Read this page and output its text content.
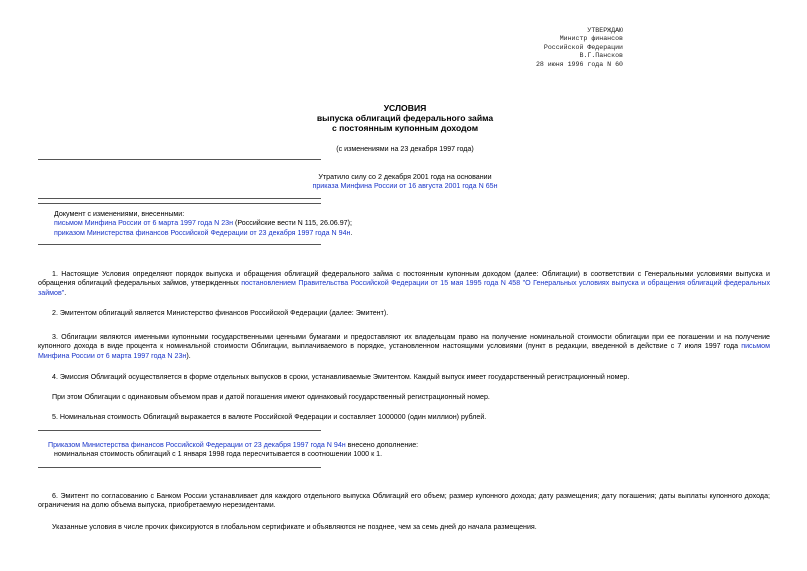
УТВЕРЖДАЮ
Министр финансов
Российской Федерации
В.Г.Пансков
28 июня 1996 года N 60
УСЛОВИЯ
выпуска облигаций федерального займа
с постоянным купонным доходом
(с изменениями на 23 декабря 1997 года)
Утратило силу со 2 декабря 2001 года на основании
приказа Минфина России от 16 августа 2001 года N 65н
Документ с изменениями, внесенными:
письмом Минфина России от 6 марта 1997 года N 23н (Российские вести N 115, 26.06.97);
приказом Министерства финансов Российской Федерации от 23 декабря 1997 года N 94н.
1. Настоящие Условия определяют порядок выпуска и обращения облигаций федерального займа с постоянным купонным доходом (далее: Облигации) в соответствии с Генеральными условиями выпуска и обращения облигаций федеральных займов, утвержденных постановлением Правительства Российской Федерации от 15 мая 1995 года N 458 "О Генеральных условиях выпуска и обращения облигаций федеральных займов".
2. Эмитентом облигаций является Министерство финансов Российской Федерации (далее: Эмитент).
3. Облигации являются именными купонными государственными ценными бумагами и предоставляют их владельцам право на получение номинальной стоимости облигации при ее погашении и на получение купонного дохода в виде процента к номинальной стоимости Облигации, выплачиваемого в порядке, установленном настоящими условиями (пункт в редакции, введенной в действие с 7 июля 1997 года письмом Минфина России от 6 марта 1997 года N 23н).
4. Эмиссия Облигаций осуществляется в форме отдельных выпусков в сроки, устанавливаемые Эмитентом. Каждый выпуск имеет государственный регистрационный номер.
При этом Облигации с одинаковым объемом прав и датой погашения имеют одинаковый государственный регистрационный номер.
5. Номинальная стоимость Облигаций выражается в валюте Российской Федерации и составляет 1000000 (один миллион) рублей.
Приказом Министерства финансов Российской Федерации от 23 декабря 1997 года N 94н внесено дополнение:
номинальная стоимость облигаций с 1 января 1998 года пересчитывается в соотношении 1000 к 1.
6. Эмитент по согласованию с Банком России устанавливает для каждого отдельного выпуска Облигаций его объем; размер купонного дохода; дату размещения; дату погашения; даты выплаты купонного дохода; ограничения на долю объема выпуска, приобретаемую нерезидентами.
Указанные условия в числе прочих фиксируются в глобальном сертификате и объявляются не позднее, чем за семь дней до начала размещения.
